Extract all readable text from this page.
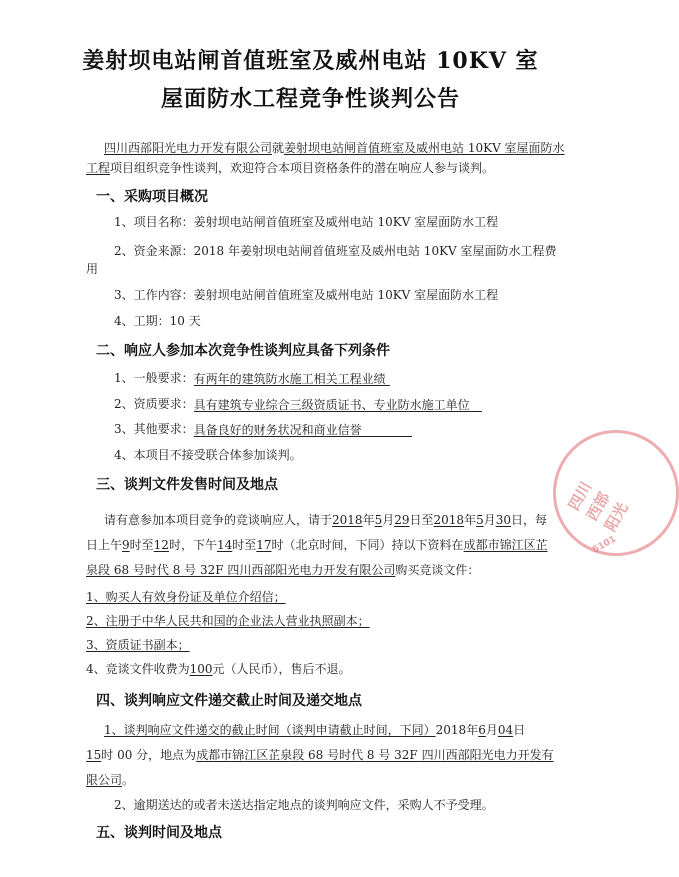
姜射坝电站闸首值班室及威州电站 10KV 室
屋面防水工程竞争性谈判公告
四川西部阳光电力开发有限公司就姜射坝电站闸首值班室及威州电站 10KV 室屋面防水
工程项目组织竞争性谈判，欢迎符合本项目资格条件的潜在响应人参与谈判。
一、采购项目概况
1、项目名称：姜射坝电站闸首值班室及威州电站 10KV 室屋面防水工程
2、资金来源：2018 年姜射坝电站闸首值班室及威州电站 10KV 室屋面防水工程费
用
3、工作内容：姜射坝电站闸首值班室及威州电站 10KV 室屋面防水工程
4、工期：10 天
二、响应人参加本次竞争性谈判应具备下列条件
1、一般要求：有两年的建筑防水施工相关工程业绩
2、资质要求：具有建筑专业综合三级资质证书、专业防水施工单位
3、其他要求：具备良好的财务状况和商业信誉
4、本项目不接受联合体参加谈判。
三、谈判文件发售时间及地点
请有意参加本项目竞争的竞谈响应人，请于2018年5月29日至2018年5月30日，每
日上午9时至12时，下午14时至17时（北京时间，下同）持以下资料在成都市锦江区芷
泉段 68 号时代 8 号 32F 四川西部阳光电力开发有限公司购买竞谈文件：
1、购买人有效身份证及单位介绍信；
2、注册于中华人民共和国的企业法人营业执照副本；
3、资质证书副本；
4、竞谈文件收费为100元（人民币），售后不退。
四、谈判响应文件递交截止时间及递交地点
1、谈判响应文件递交的截止时间（谈判申请截止时间，下同）2018年6月04日
15时 00 分，地点为成都市锦江区芷泉段 68 号时代 8 号 32F 四川西部阳光电力开发有
限公司。
2、逾期送达的或者未送达指定地点的谈判响应文件，采购人不予受理。
五、谈判时间及地点
四川西部阳光
5101
